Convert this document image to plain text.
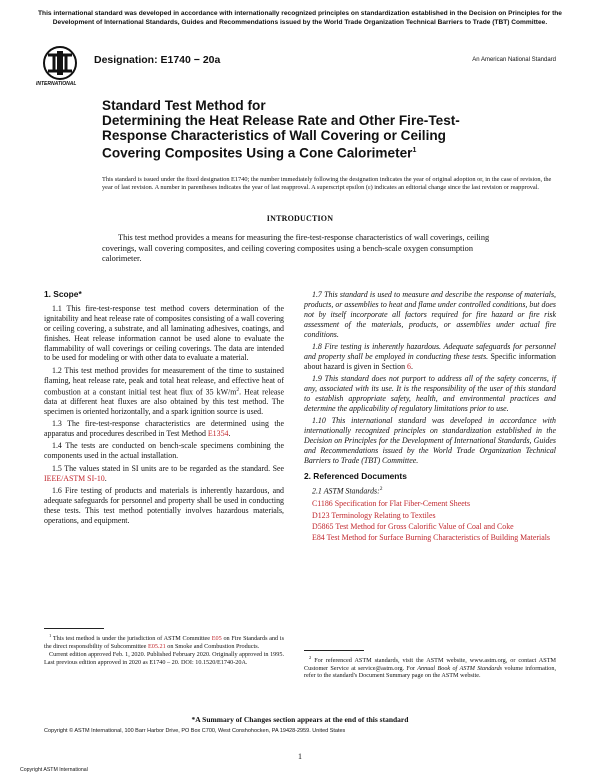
This international standard was developed in accordance with internationally recognized principles on standardization established in the Decision on Principles for the Development of International Standards, Guides and Recommendations issued by the World Trade Organization Technical Barriers to Trade (TBT) Committee.
INTERNATIONAL
Designation: E1740 − 20a	An American National Standard
Standard Test Method for
Determining the Heat Release Rate and Other Fire-Test-Response Characteristics of Wall Covering or Ceiling Covering Composites Using a Cone Calorimeter$^1$
This standard is issued under the fixed designation E1740; the number immediately following the designation indicates the year of original adoption or, in the case of revision, the year of last revision. A number in parentheses indicates the year of last reapproval. A superscript epsilon (ε) indicates an editorial change since the last revision or reapproval.
INTRODUCTION
This test method provides a means for measuring the fire-test-response characteristics of wall coverings, ceiling coverings, wall covering composites, and ceiling covering composites using a bench-scale oxygen consumption calorimeter.
1. Scope*

1.1 This fire-test-response test method covers determination of the ignitability and heat release rate of composites consisting of a wall covering or ceiling covering, a substrate, and all laminating adhesives, coatings, and finishes. Heat release information cannot be used alone to evaluate the flammability of wall coverings or ceiling coverings. The data are intended to be used for modeling or with other data to evaluate a material.

1.2 This test method provides for measurement of the time to sustained flaming, heat release rate, peak and total heat release, and effective heat of combustion at a constant initial test heat flux of 35 $kW/m^2$. Heat release data at different heat fluxes are also obtained by this test method. The specimen is oriented horizontally, and a spark ignition source is used.

1.3 The fire-test-response characteristics are determined using the apparatus and procedures described in Test Method E1354.

1.4 The tests are conducted on bench-scale specimens combining the components used in the actual installation.

1.5 The values stated in SI units are to be regarded as the standard. See IEEE/ASTM SI-10.

1.6 Fire testing of products and materials is inherently hazardous, and adequate safeguards for personnel and property shall be used in conducting these tests. This test method potentially involves hazardous materials, operations, and equipment.

1.7 This standard is used to measure and describe the response of materials, products, or assemblies to heat and flame under controlled conditions, but does not by itself incorporate all factors required for fire hazard or fire risk assessment of the materials, products, or assemblies under actual fire conditions.

1.8 Fire testing is inherently hazardous. Adequate safeguards for personnel and property shall be employed in conducting these tests. Specific information about hazard is given in Section 6.

1.9 This standard does not purport to address all of the safety concerns, if any, associated with its use. It is the responsibility of the user of this standard to establish appropriate safety, health, and environmental practices and determine the applicability of regulatory limitations prior to use.

1.10 This international standard was developed in accordance with internationally recognized principles on standardization established in the Decision on Principles for the Development of International Standards, Guides and Recommendations issued by the World Trade Organization Technical Barriers to Trade (TBT) Committee.

2. Referenced Documents

2.1 ASTM Standards:$^2$

C1186 Specification for Flat Fiber-Cement Sheets
D123 Terminology Relating to Textiles
D5865 Test Method for Gross Calorific Value of Coal and Coke
E84 Test Method for Surface Burning Characteristics of Building Materials

$^1$ This test method is under the jurisdiction of ASTM Committee E05 on Fire Standards and is the direct responsibility of Subcommittee E05.21 on Smoke and Combustion Products.

Current edition approved Feb. 1, 2020. Published February 2020. Originally approved in 1995. Last previous edition approved in 2020 as E1740 – 20. DOI: 10.1520/E1740-20A.

$^2$ For referenced ASTM standards, visit the ASTM website, www.astm.org, or contact ASTM Customer Service at service@astm.org. For Annual Book of ASTM Standards volume information, refer to the standard's Document Summary page on the ASTM website.

*A Summary of Changes section appears at the end of this standard
Copyright © ASTM International, 100 Barr Harbor Drive, PO Box C700, West Conshohocken, PA 19428-2959. United States
1
Copyright ASTM International
